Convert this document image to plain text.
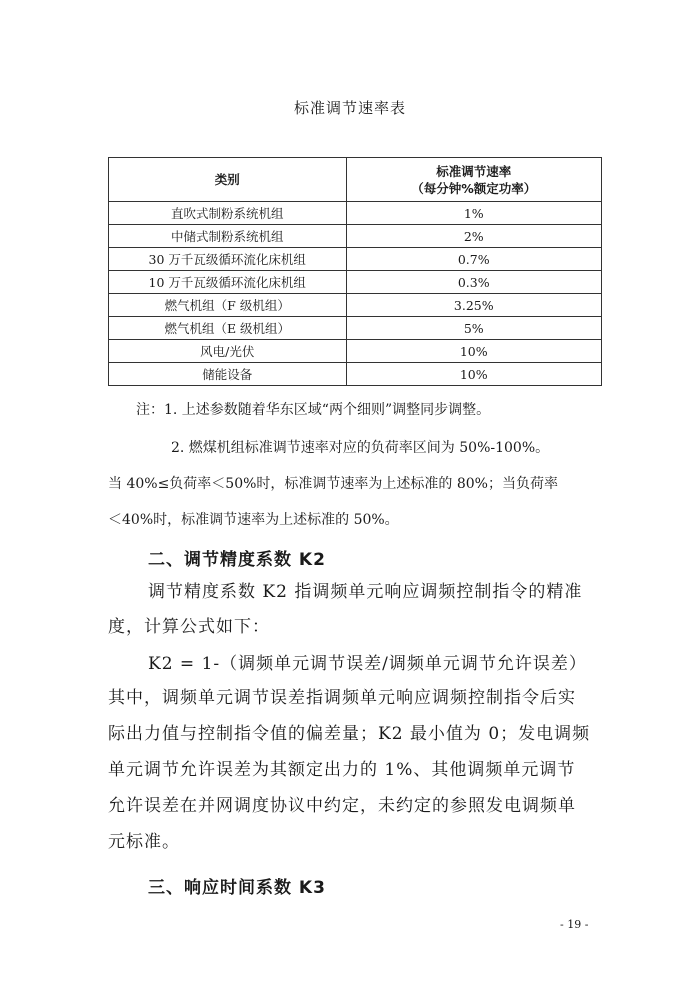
标准调节速率表
类别	标准调节速率
（每分钟%额定功率）
直吹式制粉系统机组	1%
中储式制粉系统机组	2%
30 万千瓦级循环流化床机组	0.7%
10 万千瓦级循环流化床机组	0.3%
燃气机组（F 级机组）	3.25%
燃气机组（E 级机组）	5%
风电/光伏	10%
储能设备	10%
注：1. 上述参数随着华东区域“两个细则”调整同步调整。
2. 燃煤机组标准调节速率对应的负荷率区间为 50%-100%。
当 40%≤负荷率＜50%时，标准调节速率为上述标准的 80%；当负荷率
＜40%时，标准调节速率为上述标准的 50%。
二、调节精度系数 K2
调节精度系数 K2 指调频单元响应调频控制指令的精准
度，计算公式如下：
K2 = 1-（调频单元调节误差/调频单元调节允许误差）
其中，调频单元调节误差指调频单元响应调频控制指令后实
际出力值与控制指令值的偏差量；K2 最小值为 0；发电调频
单元调节允许误差为其额定出力的 1%、其他调频单元调节
允许误差在并网调度协议中约定，未约定的参照发电调频单
元标准。
三、响应时间系数 K3
- 19 -
